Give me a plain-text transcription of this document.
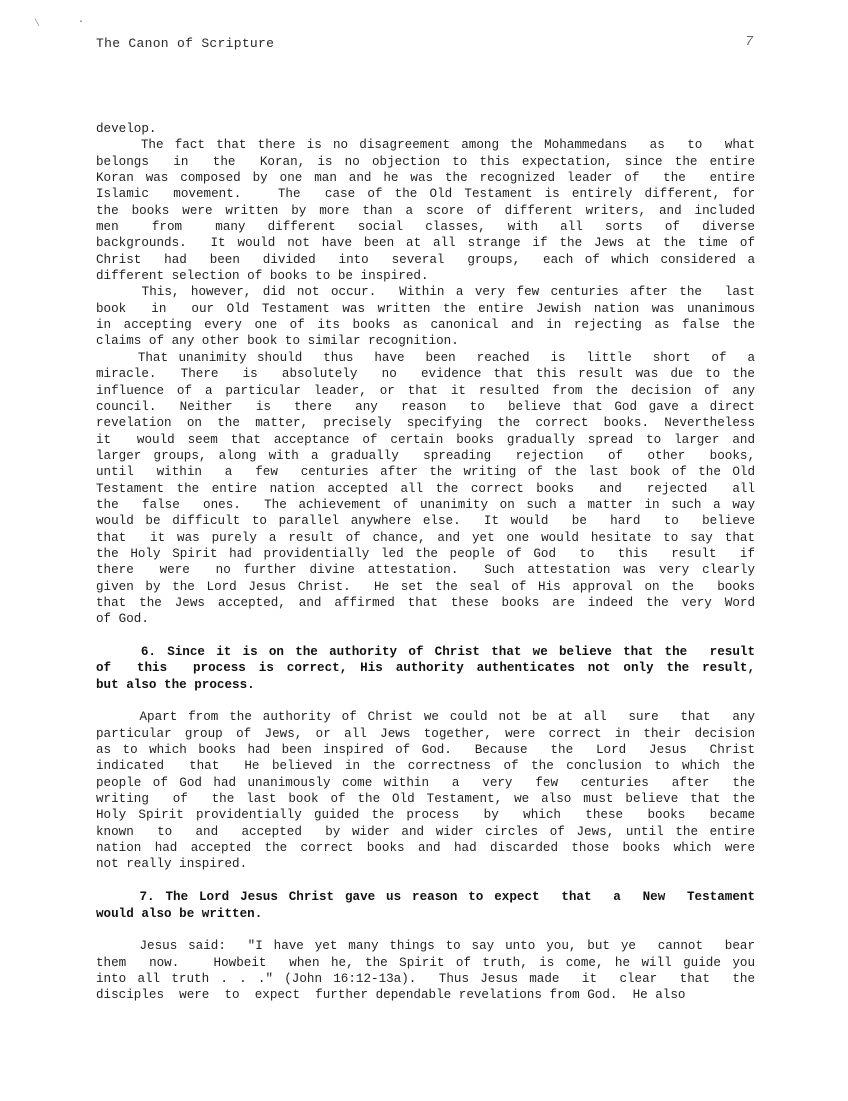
\	·
The Canon of Scripture	7
develop.
The fact that there is no disagreement among the Mohammedans  as  to  what
belongs  in  the  Koran, is no objection to this expectation, since the entire
Koran was composed by one man and he was the recognized leader of  the  entire
Islamic  movement.   The  case of the Old Testament is entirely different, for
the books were written by more than a score of different writers, and included
men   from   many  different  social  classes,  with  all  sorts  of  diverse
backgrounds.  It would not have been at all strange if the Jews at the time of
Christ  had  been  divided  into  several  groups,  each of which considered a
different selection of books to be inspired.
This, however, did not occur.  Within a very few centuries after the  last
book  in  our Old Testament was written the entire Jewish nation was unanimous
in accepting every one of its books as canonical and in rejecting as false the
claims of any other book to similar recognition.
That unanimity should  thus  have  been  reached  is  little  short  of  a
miracle.  There  is  absolutely  no  evidence that this result was due to the
influence of a particular leader, or that it resulted from the decision of any
council.  Neither  is  there  any  reason  to  believe that God gave a direct
revelation on the matter, precisely specifying the correct books. Nevertheless
it  would seem that acceptance of certain books gradually spread to larger and
larger groups, along with a gradually  spreading  rejection  of  other  books,
until  within  a  few  centuries after the writing of the last book of the Old
Testament the entire nation accepted all the correct books  and  rejected  all
the  false  ones.  The achievement of unanimity on such a matter in such a way
would be difficult to parallel anywhere else.  It would  be  hard  to  believe
that  it was purely a result of chance, and yet one would hesitate to say that
the Holy Spirit had providentially led the people of God  to  this  result  if
there  were  no further divine attestation.  Such attestation was very clearly
given by the Lord Jesus Christ.  He set the seal of His approval on the  books
that the Jews accepted, and affirmed that these books are indeed the very Word
of God.
6. Since it is on the authority of Christ that we believe that the  result
of  this  process is correct, His authority authenticates not only the result,
but also the process.
Apart from the authority of Christ we could not be at all  sure  that  any
particular group of Jews, or all Jews together, were correct in their decision
as to which books had been inspired of God.  Because  the  Lord  Jesus  Christ
indicated  that  He believed in the correctness of the conclusion to which the
people of God had unanimously come within  a  very  few  centuries  after  the
writing  of  the last book of the Old Testament, we also must believe that the
Holy Spirit providentially guided the process  by  which  these  books  became
known  to  and  accepted  by wider and wider circles of Jews, until the entire
nation had accepted the correct books and had discarded those books which were
not really inspired.
7. The Lord Jesus Christ gave us reason to expect  that  a  New  Testament
would also be written.
Jesus said:  "I have yet many things to say unto you, but ye  cannot  bear
them  now.   Howbeit  when he, the Spirit of truth, is come, he will guide you
into all truth . . ." (John 16:12-13a).  Thus Jesus made  it  clear  that  the
disciples  were  to  expect  further dependable revelations from God.  He also
